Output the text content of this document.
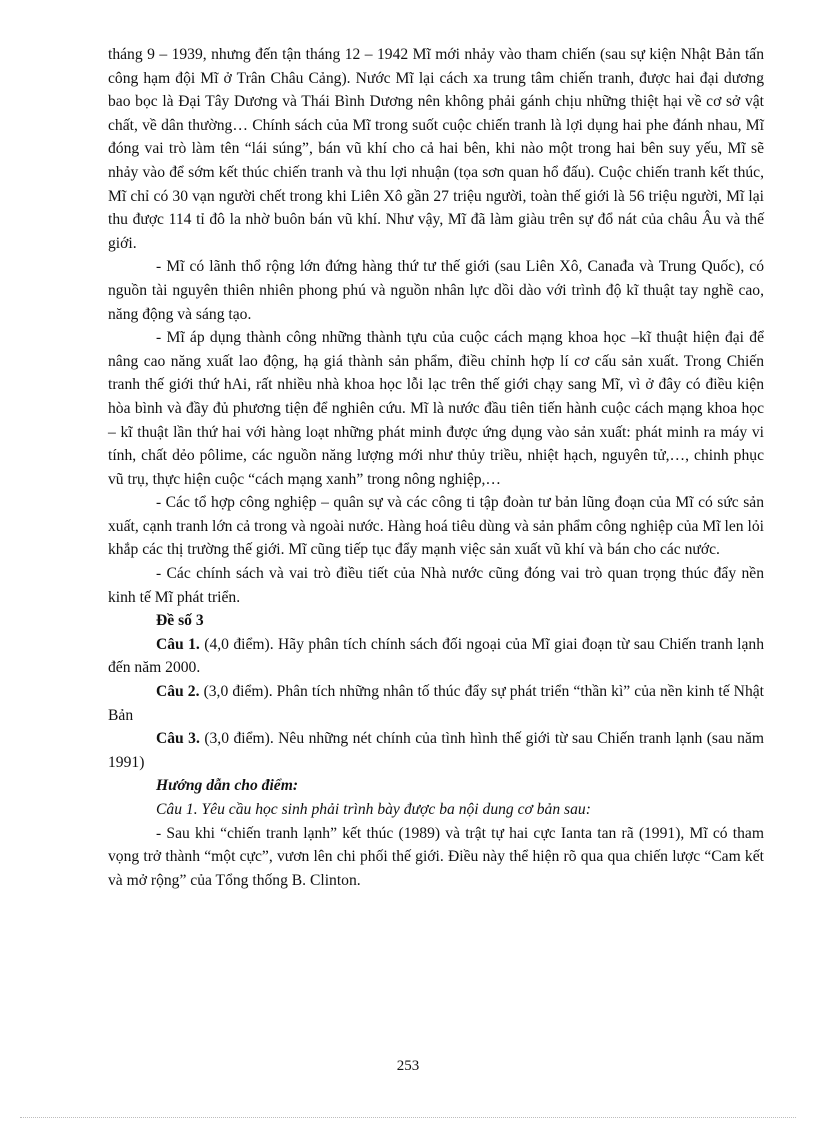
tháng 9 – 1939, nhưng đến tận tháng 12 – 1942 Mĩ mới nhảy vào tham chiến (sau sự kiện Nhật Bản tấn công hạm đội Mĩ ở Trân Châu Cảng). Nước Mĩ lại cách xa trung tâm chiến tranh, được hai đại dương bao bọc là Đại Tây Dương và Thái Bình Dương nên không phải gánh chịu những thiệt hại về cơ sở vật chất, về dân thường… Chính sách của Mĩ trong suốt cuộc chiến tranh là lợi dụng hai phe đánh nhau, Mĩ đóng vai trò làm tên “lái súng”, bán vũ khí cho cả hai bên, khi nào một trong hai bên suy yếu, Mĩ sẽ nhảy vào để sớm kết thúc chiến tranh và thu lợi nhuận (tọa sơn quan hổ đấu). Cuộc chiến tranh kết thúc, Mĩ chỉ có 30 vạn người chết trong khi Liên Xô gần 27 triệu người, toàn thế giới là 56 triệu người, Mĩ lại thu được 114 tỉ đô la nhờ buôn bán vũ khí. Như vậy, Mĩ đã làm giàu trên sự đổ nát của châu Âu và thế giới.

- Mĩ có lãnh thổ rộng lớn đứng hàng thứ tư thế giới (sau Liên Xô, Canađa và Trung Quốc), có nguồn tài nguyên thiên nhiên phong phú và nguồn nhân lực dồi dào với trình độ kĩ thuật tay nghề cao, năng động và sáng tạo.

- Mĩ áp dụng thành công những thành tựu của cuộc cách mạng khoa học –kĩ thuật hiện đại để nâng cao năng xuất lao động, hạ giá thành sản phẩm, điều chỉnh hợp lí cơ cấu sản xuất. Trong Chiến tranh thế giới thứ hAi, rất nhiều nhà khoa học lỗi lạc trên thế giới chạy sang Mĩ, vì ở đây có điều kiện hòa bình và đầy đủ phương tiện để nghiên cứu. Mĩ là nước đầu tiên tiến hành cuộc cách mạng khoa học – kĩ thuật lần thứ hai với hàng loạt những phát minh được ứng dụng vào sản xuất: phát minh ra máy vi tính, chất dẻo pôlime, các nguồn năng lượng mới như thủy triều, nhiệt hạch, nguyên tử,…, chinh phục vũ trụ, thực hiện cuộc “cách mạng xanh” trong nông nghiệp,…

- Các tổ hợp công nghiệp – quân sự và các công ti tập đoàn tư bản lũng đoạn của Mĩ có sức sản xuất, cạnh tranh lớn cả trong và ngoài nước. Hàng hoá tiêu dùng và sản phẩm công nghiệp của Mĩ len lỏi khắp các thị trường thế giới. Mĩ cũng tiếp tục đẩy mạnh việc sản xuất vũ khí và bán cho các nước.

- Các chính sách và vai trò điều tiết của Nhà nước cũng đóng vai trò quan trọng thúc đẩy nền kinh tế Mĩ phát triển.

Đề số 3

Câu 1. (4,0 điểm). Hãy phân tích chính sách đối ngoại của Mĩ giai đoạn từ sau Chiến tranh lạnh đến năm 2000.

Câu 2. (3,0 điểm). Phân tích những nhân tố thúc đẩy sự phát triển “thần kì” của nền kinh tế Nhật Bản

Câu 3. (3,0 điểm). Nêu những nét chính của tình hình thế giới từ sau Chiến tranh lạnh (sau năm 1991)

Hướng dẫn cho điểm:

Câu 1. Yêu cầu học sinh phải trình bày được ba nội dung cơ bản sau:

- Sau khi “chiến tranh lạnh” kết thúc (1989) và trật tự hai cực Ianta tan rã (1991), Mĩ có tham vọng trở thành “một cực”, vươn lên chi phối thế giới. Điều này thể hiện rõ qua qua chiến lược “Cam kết và mở rộng” của Tổng thống B. Clinton.

253
